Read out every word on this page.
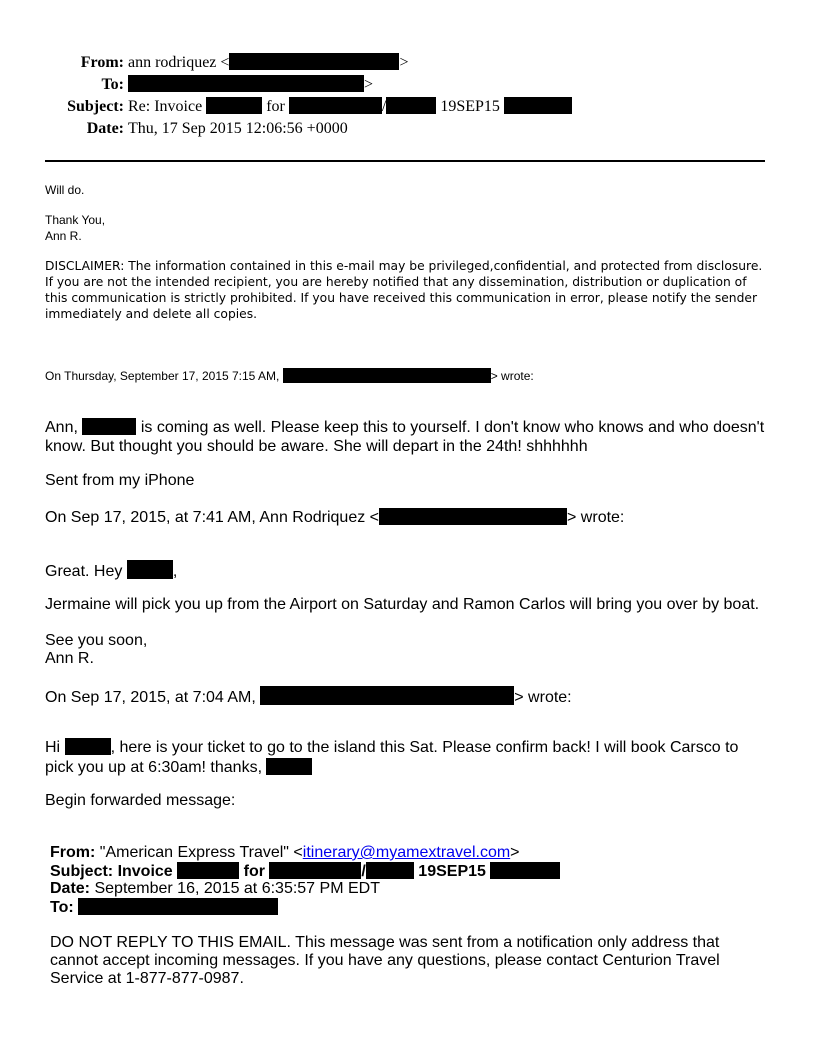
From: ann rodriquez <	>
To:	>
Subject: Re: Invoice	for	/	19SEP15
Date: Thu, 17 Sep 2015 12:06:56 +0000
Will do.
Thank You,
Ann R.
DISCLAIMER: The information contained in this e-mail may be privileged,confidential, and protected from disclosure. If you are not the intended recipient, you are hereby notified that any dissemination, distribution or duplication of this communication is strictly prohibited. If you have received this communication in error, please notify the sender immediately and delete all copies.
On Thursday, September 17, 2015 7:15 AM,	> wrote:
Ann,	is coming as well. Please keep this to yourself. I don't know who knows and who doesn't know. But thought you should be aware. She will depart in the 24th! shhhhhh
Sent from my iPhone
On Sep 17, 2015, at 7:41 AM, Ann Rodriquez <	> wrote:
Great. Hey	,
Jermaine will pick you up from the Airport on Saturday and Ramon Carlos will bring you over by boat.
See you soon,
Ann R.
On Sep 17, 2015, at 7:04 AM,	> wrote:
Hi	, here is your ticket to go to the island this Sat. Please confirm back! I will book Carsco to pick you up at 6:30am! thanks,
Begin forwarded message:
From: "American Express Travel" <itinerary@myamextravel.com>
Subject: Invoice	for	/	19SEP15
Date: September 16, 2015 at 6:35:57 PM EDT
To:
DO NOT REPLY TO THIS EMAIL. This message was sent from a notification only address that cannot accept incoming messages. If you have any questions, please contact Centurion Travel Service at 1-877-877-0987.
